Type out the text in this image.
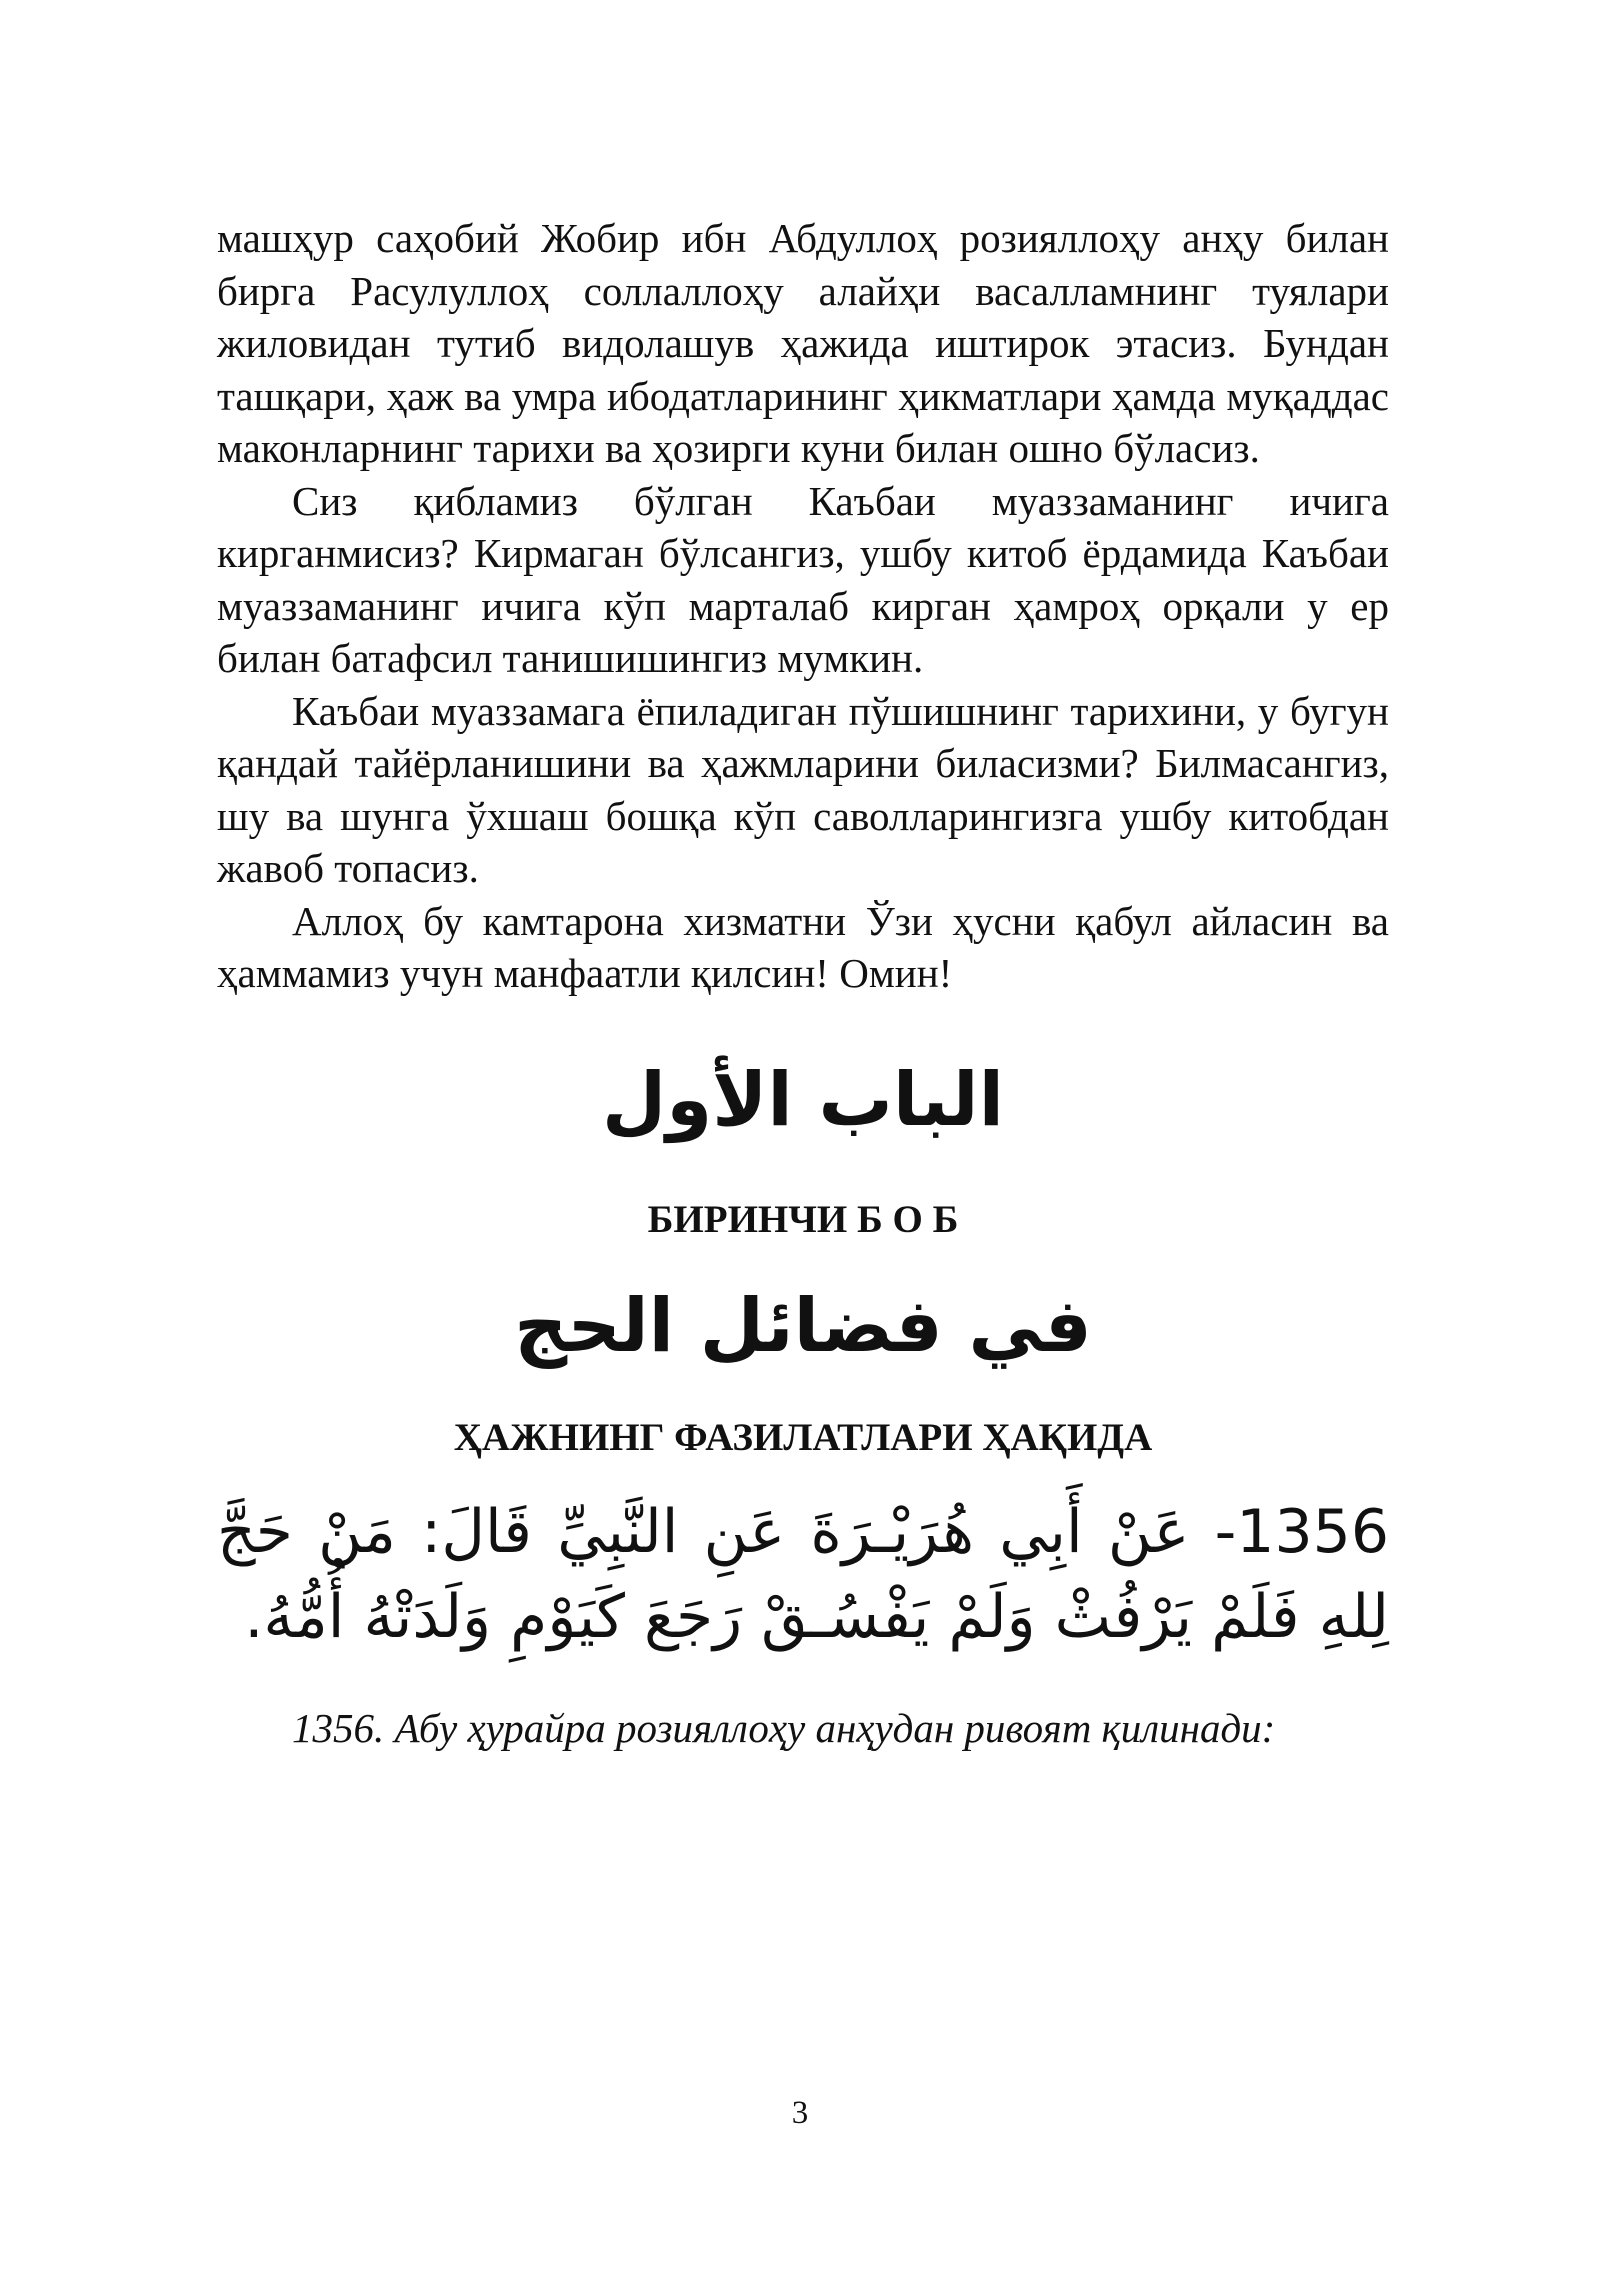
машҳур саҳобий Жобир ибн Абдуллоҳ розияллоҳу анҳу билан бирга Расулуллоҳ соллаллоҳу алайҳи васалламнинг туялари жиловидан тутиб видолашув ҳажида иштирок этасиз. Бундан ташқари, ҳаж ва умра ибодатларининг ҳикматлари ҳамда муқаддас маконларнинг тарихи ва ҳозирги куни билан ошно бўласиз.

Сиз қибламиз бўлган Каъбаи муаззаманинг ичига кирганмисиз? Кирмаган бўлсангиз, ушбу китоб ёрдамида Каъбаи муаззаманинг ичига кўп марталаб кирган ҳамроҳ орқали у ер билан батафсил танишишингиз мумкин.

Каъбаи муаззамага ёпиладиган пўшишнинг тарихини, у бугун қандай тайёрланишини ва ҳажмларини биласизми? Билмасангиз, шу ва шунга ўхшаш бошқа кўп саволларингизга ушбу китобдан жавоб топасиз.

Аллоҳ бу камтарона хизматни Ўзи ҳусни қабул айласин ва ҳаммамиз учун манфаатли қилсин! Омин!

الباب الأول
БИРИНЧИ Б О Б
في فضائل الحج
ҲАЖНИНГ ФАЗИЛАТЛАРИ ҲАҚИДА

1356- عَنْ أَبِي هُرَيْـرَةَ عَنِ النَّبِيِّ قَالَ: مَنْ حَجَّ لِلهِ فَلَمْ يَرْفُثْ وَلَمْ يَفْسُـقْ رَجَعَ كَيَوْمِ وَلَدَتْهُ أُمُّهُ.

1356. Абу ҳурайра розияллоҳу анҳудан ривоят қилинади:

3
